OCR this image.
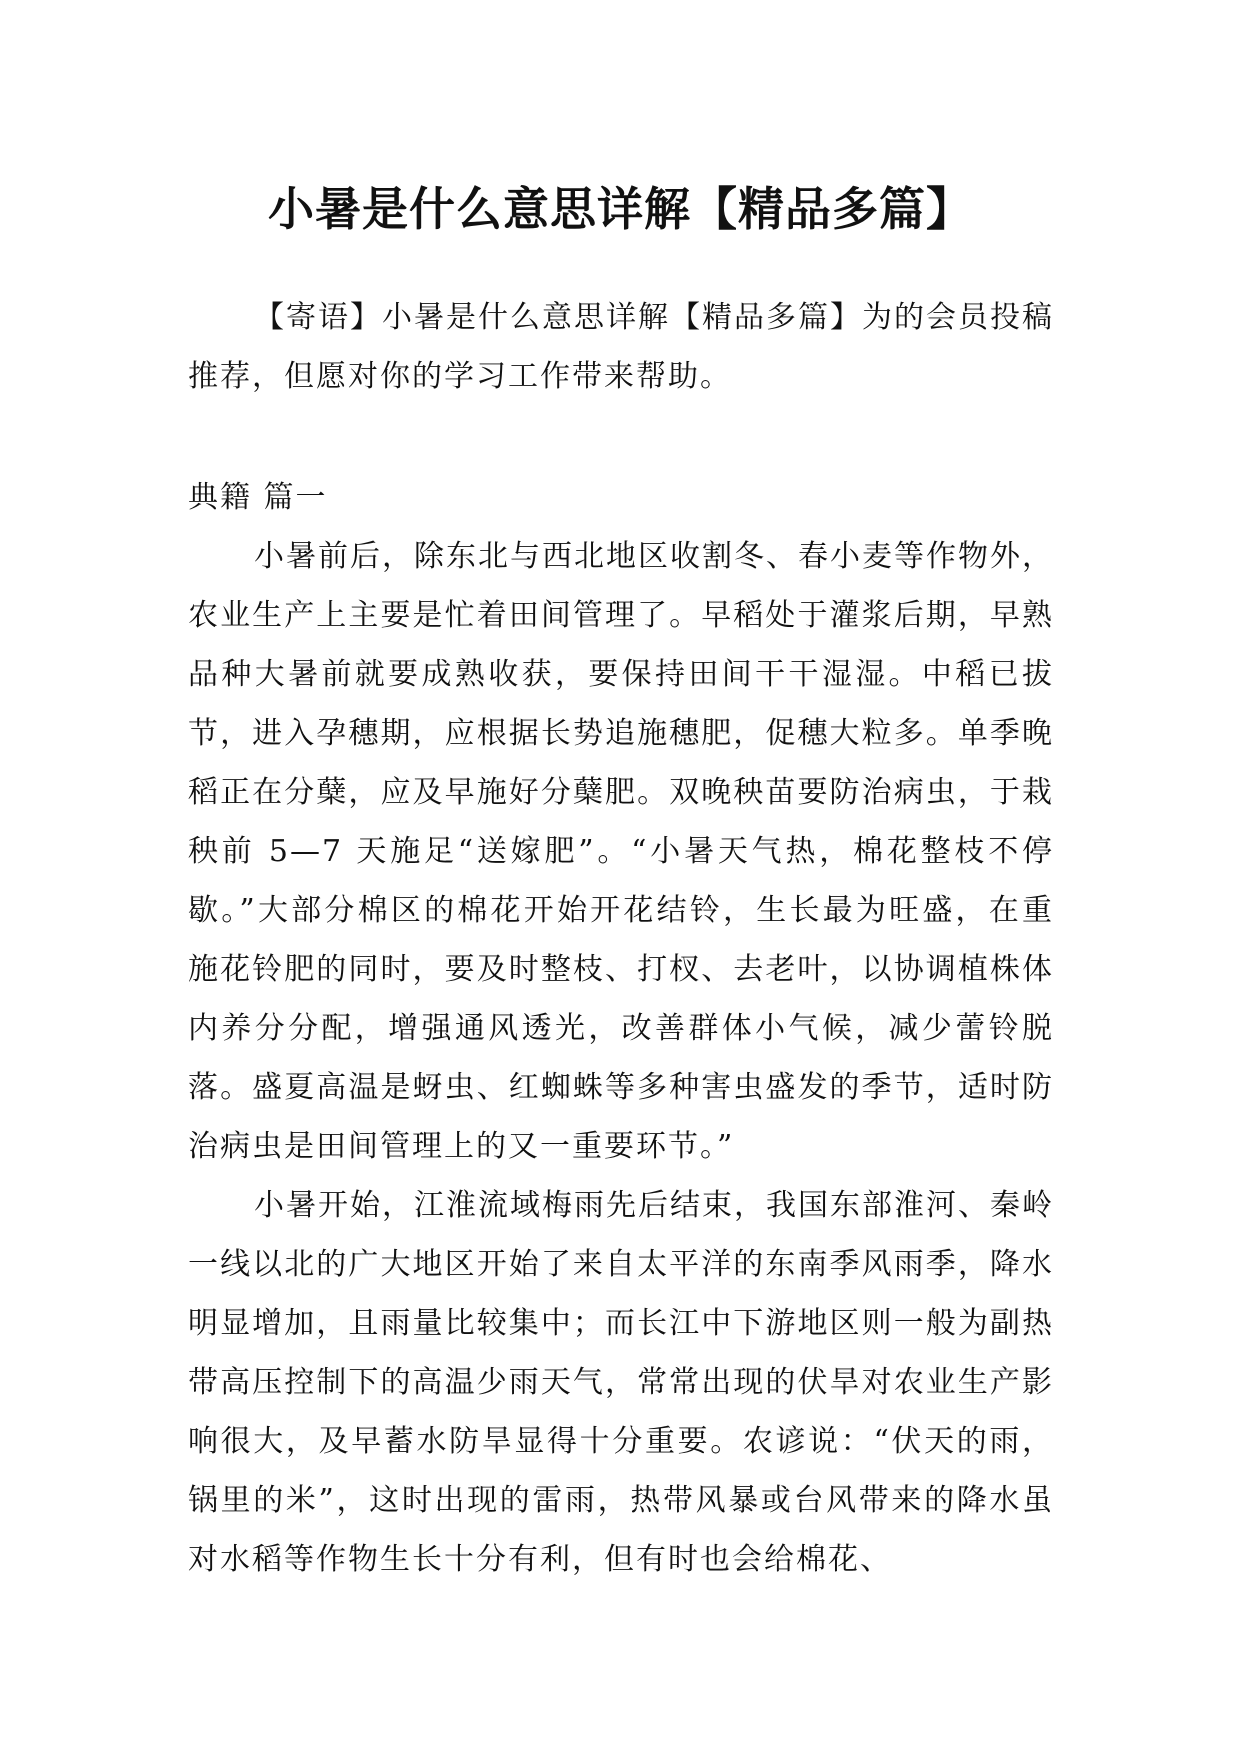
小暑是什么意思详解【精品多篇】

【寄语】小暑是什么意思详解【精品多篇】为的会员投稿推荐，但愿对你的学习工作带来帮助。

典籍 篇一

小暑前后，除东北与西北地区收割冬、春小麦等作物外，农业生产上主要是忙着田间管理了。早稻处于灌浆后期，早熟品种大暑前就要成熟收获，要保持田间干干湿湿。中稻已拔节，进入孕穗期，应根据长势追施穗肥，促穗大粒多。单季晚稻正在分蘖，应及早施好分蘖肥。双晚秧苗要防治病虫，于栽秧前 5—7 天施足“送嫁肥”。“小暑天气热，棉花整枝不停歇。”大部分棉区的棉花开始开花结铃，生长最为旺盛，在重施花铃肥的同时，要及时整枝、打杈、去老叶，以协调植株体内养分分配，增强通风透光，改善群体小气候，减少蕾铃脱落。盛夏高温是蚜虫、红蜘蛛等多种害虫盛发的季节，适时防治病虫是田间管理上的又一重要环节。”

小暑开始，江淮流域梅雨先后结束，我国东部淮河、秦岭一线以北的广大地区开始了来自太平洋的东南季风雨季，降水明显增加，且雨量比较集中；而长江中下游地区则一般为副热带高压控制下的高温少雨天气，常常出现的伏旱对农业生产影响很大，及早蓄水防旱显得十分重要。农谚说：“伏天的雨，锅里的米”，这时出现的雷雨，热带风暴或台风带来的降水虽对水稻等作物生长十分有利，但有时也会给棉花、
